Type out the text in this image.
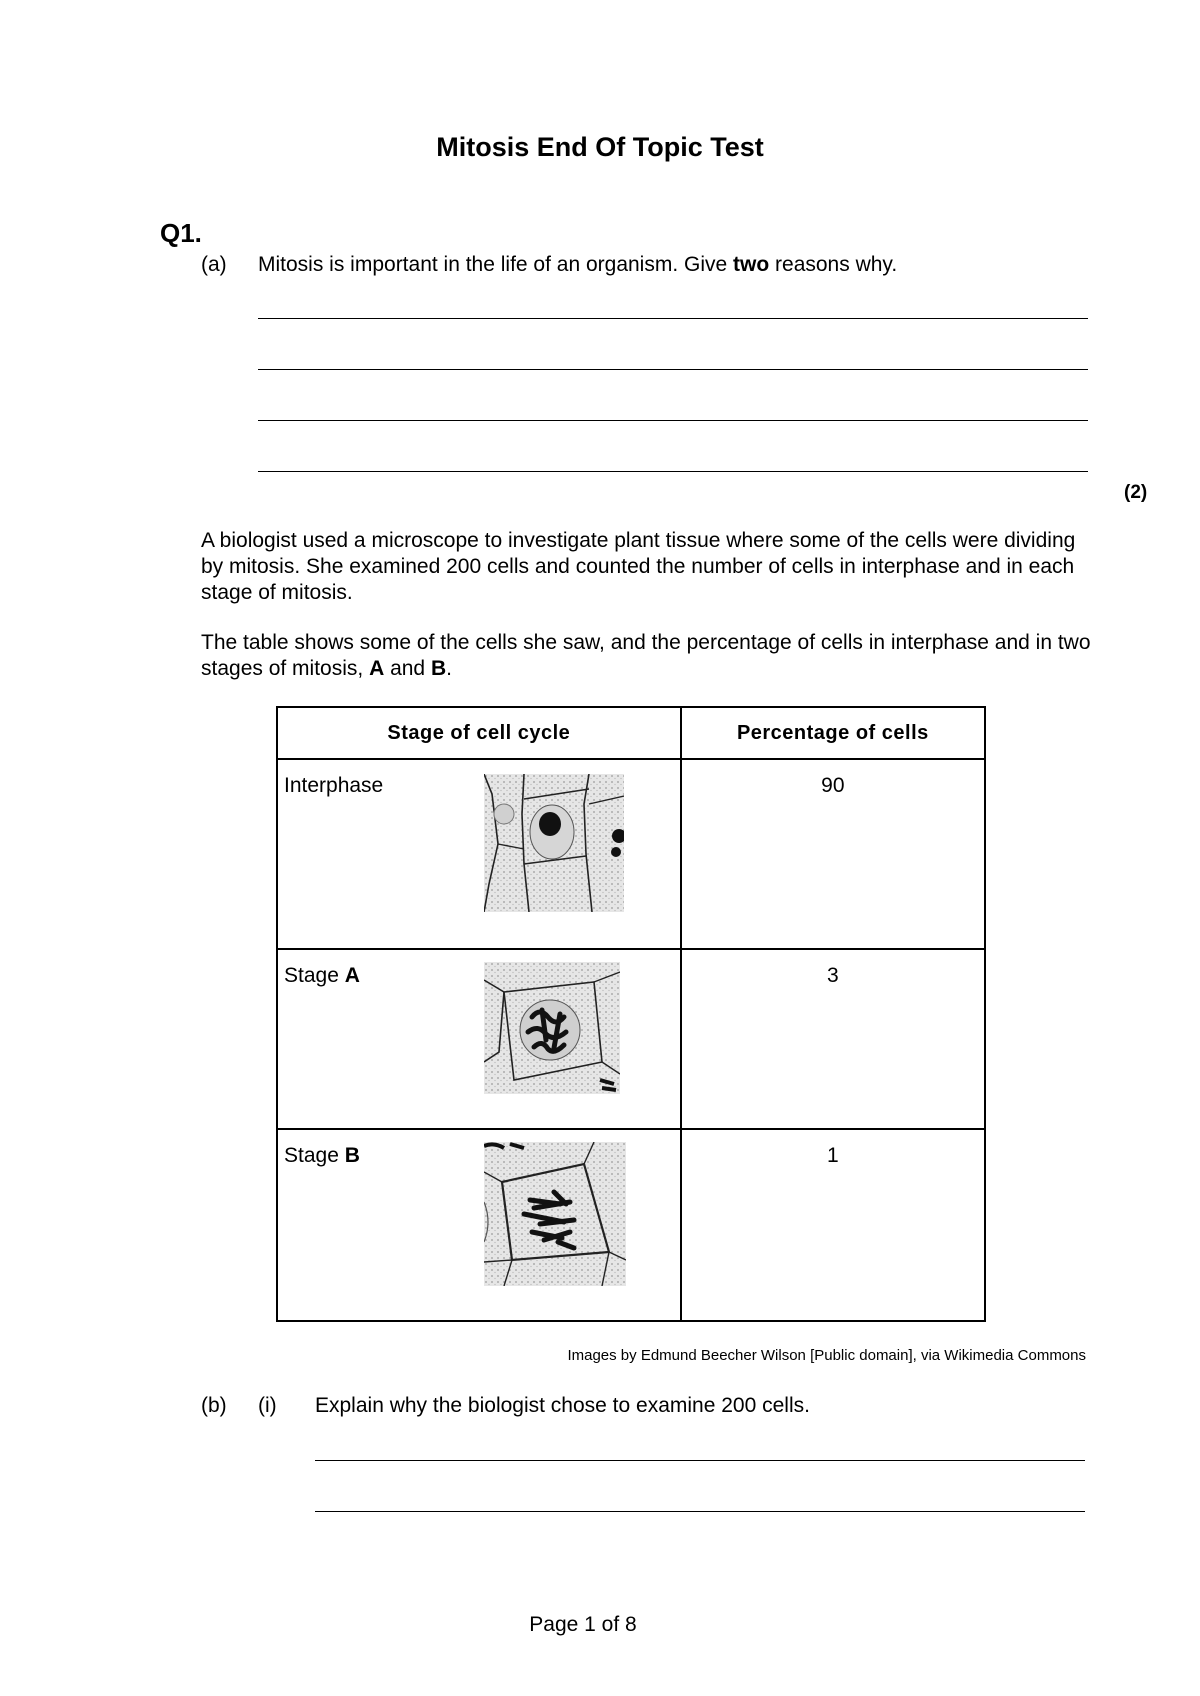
Mitosis End Of Topic Test
Q1.
(a) Mitosis is important in the life of an organism. Give two reasons why.
(2)
A biologist used a microscope to investigate plant tissue where some of the cells were dividing by mitosis. She examined 200 cells and counted the number of cells in interphase and in each stage of mitosis.
The table shows some of the cells she saw, and the percentage of cells in interphase and in two stages of mitosis, A and B.
Stage of cell cycle	Percentage of cells

Interphase	90

Stage A	3

Stage B	1
Images by Edmund Beecher Wilson [Public domain], via Wikimedia Commons
(b) (i) Explain why the biologist chose to examine 200 cells.
Page 1 of 8
